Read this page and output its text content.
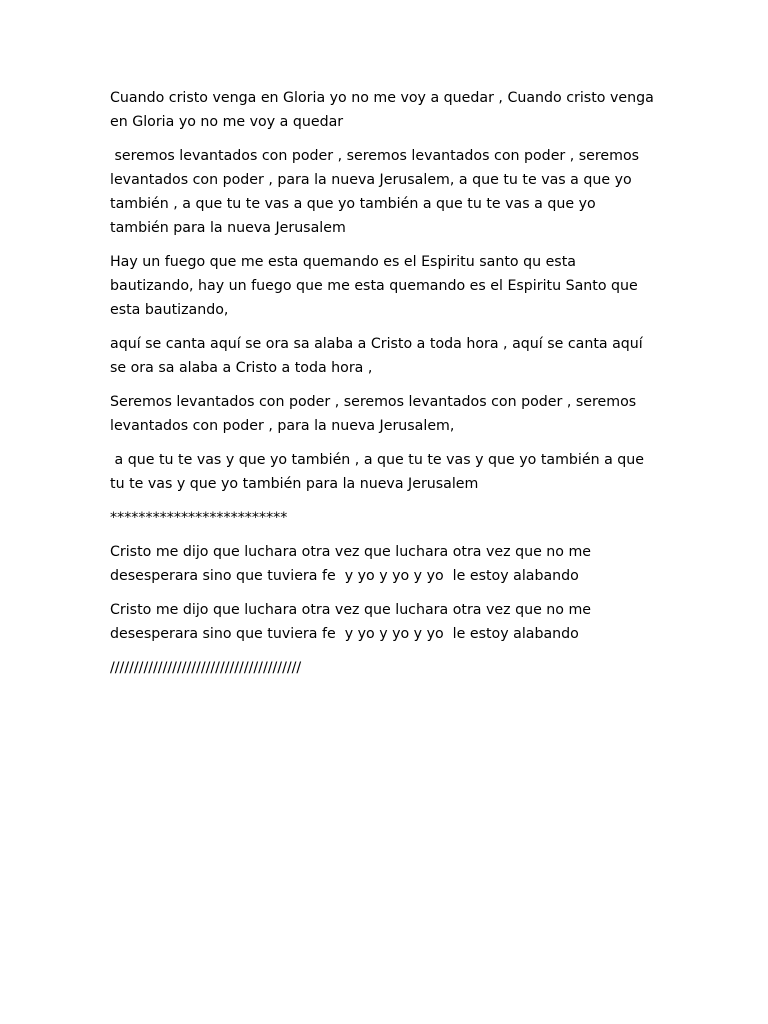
Cuando cristo venga en Gloria yo no me voy a quedar , Cuando cristo venga en Gloria yo no me voy a quedar

seremos levantados con poder , seremos levantados con poder , seremos levantados con poder , para la nueva Jerusalem, a que tu te vas a que yo también , a que tu te vas a que yo también a que tu te vas a que yo también para la nueva Jerusalem

Hay un fuego que me esta quemando es el Espiritu santo qu esta bautizando, hay un fuego que me esta quemando es el Espiritu Santo que esta bautizando,

aquí se canta aquí se ora sa alaba a Cristo a toda hora , aquí se canta aquí se ora sa alaba a Cristo a toda hora ,

Seremos levantados con poder , seremos levantados con poder , seremos levantados con poder , para la nueva Jerusalem,

a que tu te vas y que yo también , a que tu te vas y que yo también a que tu te vas y que yo también para la nueva Jerusalem

*************************

Cristo me dijo que luchara otra vez que luchara otra vez que no me desesperara sino que tuviera fe  y yo y yo y yo  le estoy alabando

Cristo me dijo que luchara otra vez que luchara otra vez que no me desesperara sino que tuviera fe  y yo y yo y yo  le estoy alabando

////////////////////////////////////////
